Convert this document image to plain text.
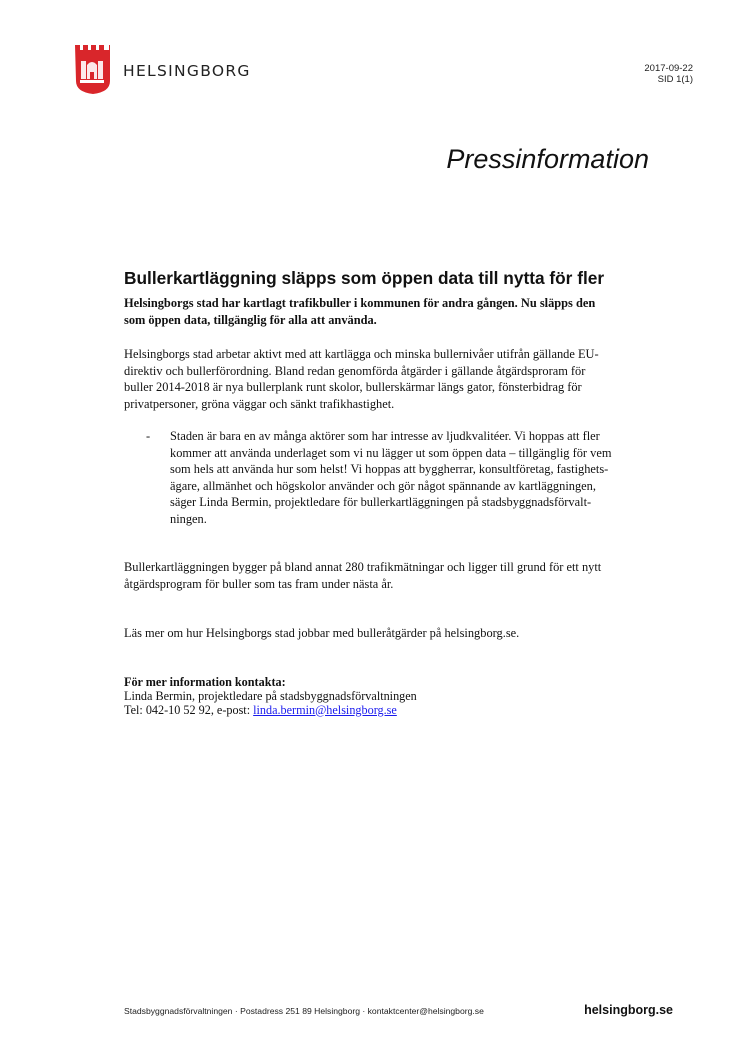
HELSINGBORG	2017-09-22
SID 1(1)
Pressinformation
Bullerkartläggning släpps som öppen data till nytta för fler

Helsingborgs stad har kartlagt trafikbuller i kommunen för andra gången. Nu släpps den
som öppen data, tillgänglig för alla att använda.

Helsingborgs stad arbetar aktivt med att kartlägga och minska bullernivåer utifrån gällande EU-
direktiv och bullerförordning. Bland redan genomförda åtgärder i gällande åtgärdsproram för
buller 2014-2018 är nya bullerplank runt skolor, bullerskärmar längs gator, fönsterbidrag för
privatpersoner, gröna väggar och sänkt trafikhastighet.

- Staden är bara en av många aktörer som har intresse av ljudkvalitéer. Vi hoppas att fler
kommer att använda underlaget som vi nu lägger ut som öppen data – tillgänglig för vem
som hels att använda hur som helst! Vi hoppas att byggherrar, konsultföretag, fastighets-
ägare, allmänhet och högskolor använder och gör något spännande av kartläggningen,
säger Linda Bermin, projektledare för bullerkartläggningen på stadsbyggnadsförvalt-
ningen.

Bullerkartläggningen bygger på bland annat 280 trafikmätningar och ligger till grund för ett nytt
åtgärdsprogram för buller som tas fram under nästa år.

Läs mer om hur Helsingborgs stad jobbar med bulleråtgärder på helsingborg.se.

För mer information kontakta:
Linda Bermin, projektledare på stadsbyggnadsförvaltningen
Tel: 042-10 52 92, e-post: linda.bermin@helsingborg.se

Stadsbyggnadsförvaltningen · Postadress 251 89 Helsingborg · kontaktcenter@helsingborg.se	helsingborg.se
